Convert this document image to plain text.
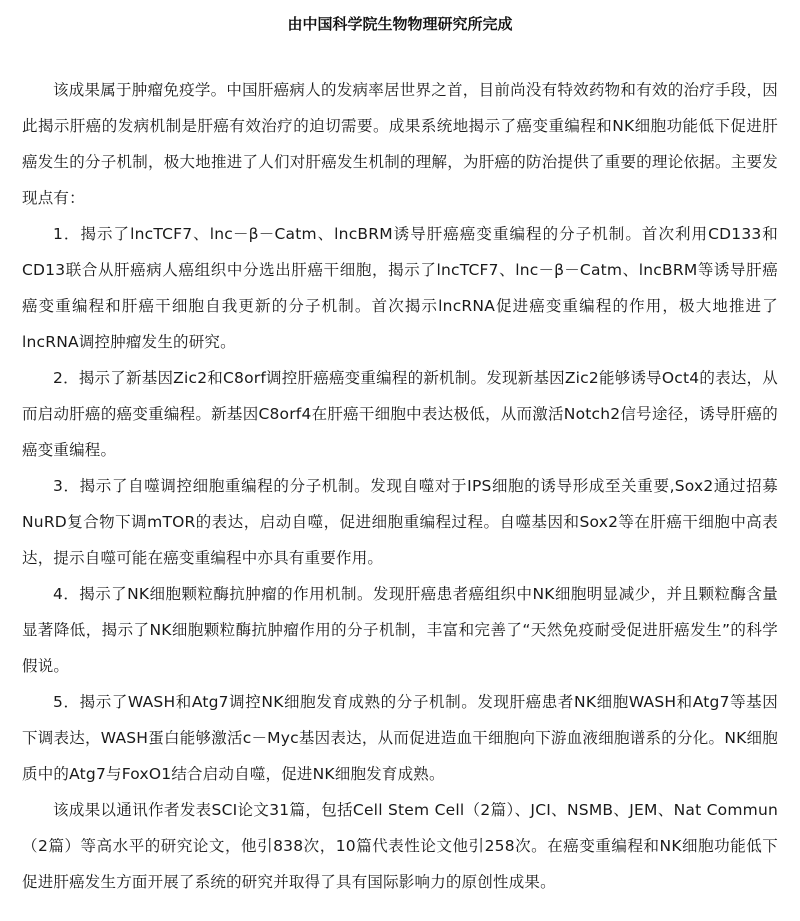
由中国科学院生物物理研究所完成

该成果属于肿瘤免疫学。中国肝癌病人的发病率居世界之首，目前尚没有特效药物和有效的治疗手段，因此揭示肝癌的发病机制是肝癌有效治疗的迫切需要。成果系统地揭示了癌变重编程和NK细胞功能低下促进肝癌发生的分子机制，极大地推进了人们对肝癌发生机制的理解，为肝癌的防治提供了重要的理论依据。主要发现点有：

1．揭示了lncTCF7、lnc－β－Catm、lncBRM诱导肝癌癌变重编程的分子机制。首次利用CD133和CD13联合从肝癌病人癌组织中分选出肝癌干细胞，揭示了lncTCF7、lnc－β－Catm、lncBRM等诱导肝癌癌变重编程和肝癌干细胞自我更新的分子机制。首次揭示lncRNA促进癌变重编程的作用，极大地推进了lncRNA调控肿瘤发生的研究。

2．揭示了新基因Zic2和C8orf调控肝癌癌变重编程的新机制。发现新基因Zic2能够诱导Oct4的表达，从而启动肝癌的癌变重编程。新基因C8orf4在肝癌干细胞中表达极低，从而激活Notch2信号途径，诱导肝癌的癌变重编程。

3．揭示了自噬调控细胞重编程的分子机制。发现自噬对于IPS细胞的诱导形成至关重要,Sox2通过招募NuRD复合物下调mTOR的表达，启动自噬，促进细胞重编程过程。自噬基因和Sox2等在肝癌干细胞中高表达，提示自噬可能在癌变重编程中亦具有重要作用。

4．揭示了NK细胞颗粒酶抗肿瘤的作用机制。发现肝癌患者癌组织中NK细胞明显减少，并且颗粒酶含量显著降低，揭示了NK细胞颗粒酶抗肿瘤作用的分子机制，丰富和完善了“天然免疫耐受促进肝癌发生”的科学假说。

5．揭示了WASH和Atg7调控NK细胞发育成熟的分子机制。发现肝癌患者NK细胞WASH和Atg7等基因下调表达，WASH蛋白能够激活c－Myc基因表达，从而促进造血干细胞向下游血液细胞谱系的分化。NK细胞质中的Atg7与FoxO1结合启动自噬，促进NK细胞发育成熟。

该成果以通讯作者发表SCI论文31篇，包括Cell Stem Cell（2篇）、JCI、NSMB、JEM、Nat Commun（2篇）等高水平的研究论文，他引838次，10篇代表性论文他引258次。在癌变重编程和NK细胞功能低下促进肝癌发生方面开展了系统的研究并取得了具有国际影响力的原创性成果。
